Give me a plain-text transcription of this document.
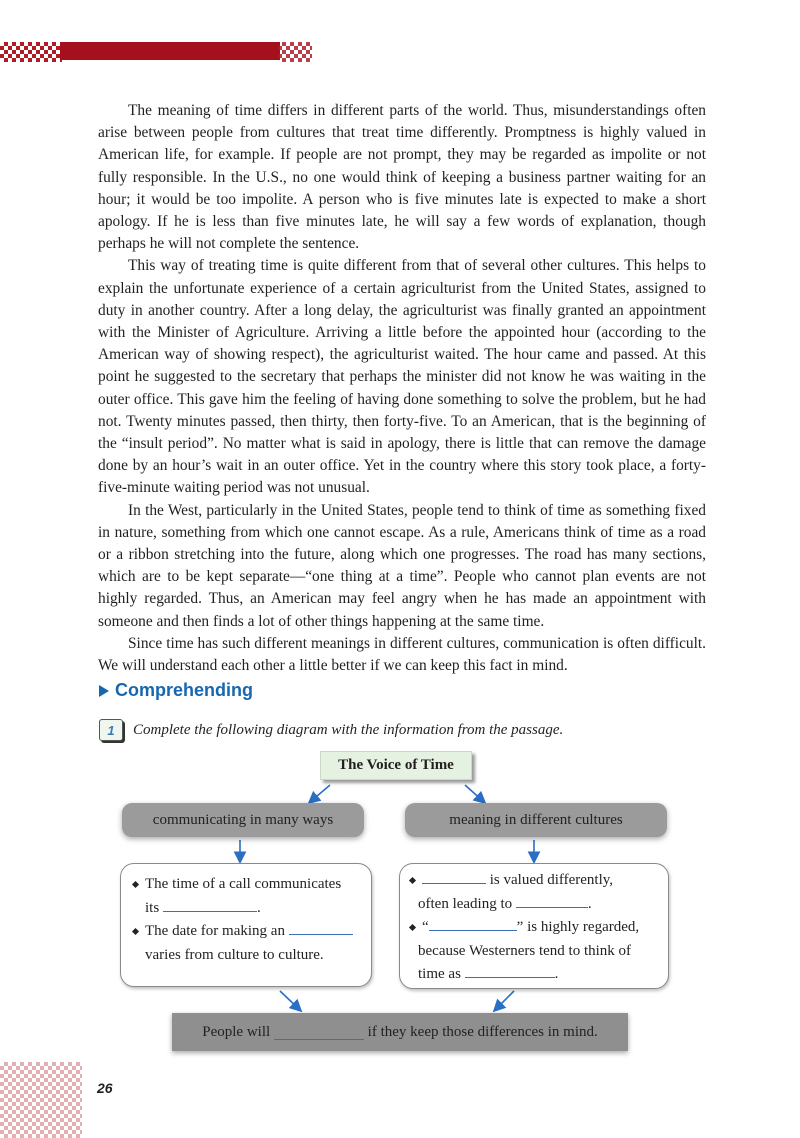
The meaning of time differs in different parts of the world. Thus, misunderstandings often arise between people from cultures that treat time differently. Promptness is highly valued in American life, for example. If people are not prompt, they may be regarded as impolite or not fully responsible. In the U.S., no one would think of keeping a business partner waiting for an hour; it would be too impolite. A person who is five minutes late is expected to make a short apology. If he is less than five minutes late, he will say a few words of explanation, though perhaps he will not complete the sentence.

This way of treating time is quite different from that of several other cultures. This helps to explain the unfortunate experience of a certain agriculturist from the United States, assigned to duty in another country. After a long delay, the agriculturist was finally granted an appointment with the Minister of Agriculture. Arriving a little before the appointed hour (according to the American way of showing respect), the agriculturist waited. The hour came and passed. At this point he suggested to the secretary that perhaps the minister did not know he was waiting in the outer office. This gave him the feeling of having done something to solve the problem, but he had not. Twenty minutes passed, then thirty, then forty-five. To an American, that is the beginning of the “insult period”. No matter what is said in apology, there is little that can remove the damage done by an hour’s wait in an outer office. Yet in the country where this story took place, a forty-five-minute waiting period was not unusual.

In the West, particularly in the United States, people tend to think of time as something fixed in nature, something from which one cannot escape. As a rule, Americans think of time as a road or a ribbon stretching into the future, along which one progresses. The road has many sections, which are to be kept separate—“one thing at a time”. People who cannot plan events are not highly regarded. Thus, an American may feel angry when he has made an appointment with someone and then finds a lot of other things happening at the same time.

Since time has such different meanings in different cultures, communication is often difficult. We will understand each other a little better if we can keep this fact in mind.

Comprehending
1	Complete the following diagram with the information from the passage.
The Voice of Time
communicating in many ways	meaning in different cultures
The time of a call communicates
its	.
The date for making an
varies from culture to culture.
is valued differently,
often leading to	.
“	” is highly regarded,
because Westerners tend to think of
time as	.
People will

	if they keep those differences in mind.
26
